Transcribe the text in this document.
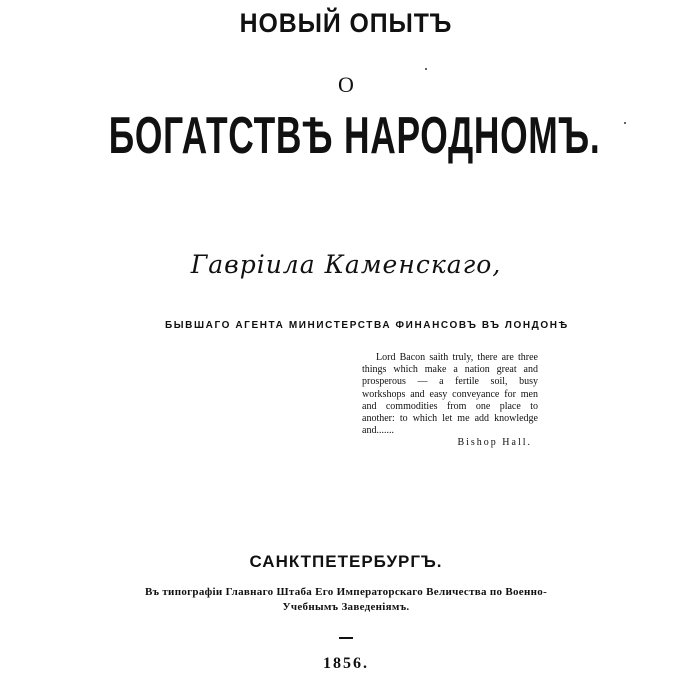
НОВЫЙ ОПЫТЪ
О
БОГАТСТВѢ НАРОДНОМЪ.
Гаврiила Каменскаго,
БЫВШАГО АГЕНТА МИНИСТЕРСТВА ФИНАНСОВЪ ВЪ ЛОНДОНѢ
Lord Bacon saith truly, there are three things which make a nation great and prosperous — a fertile soil, busy workshops and easy conveyance for men and commodities from one place to another: to which let me add knowledge and.......
Bishop Hall.
САНКТПЕТЕРБУРГЪ.
Въ типографiи Главнаго Штаба Его Императорскаго Величества по Военно-Учебнымъ Заведенiямъ.
1856.
